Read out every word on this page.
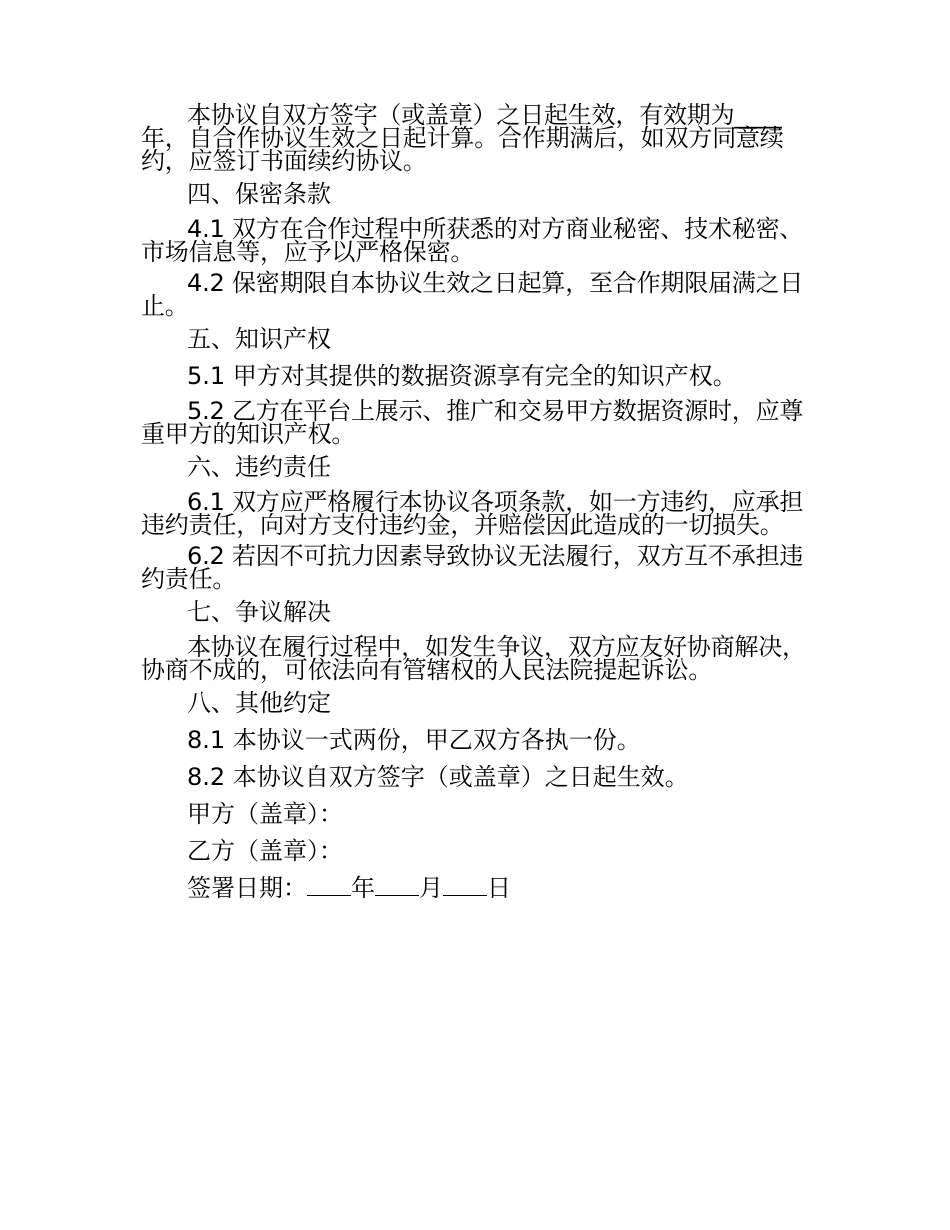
本协议自双方签字（或盖章）之日起生效，有效期为____年，自合作协议生效之日起计算。合作期满后，如双方同意续约，应签订书面续约协议。

四、保密条款

4.1 双方在合作过程中所获悉的对方商业秘密、技术秘密、市场信息等，应予以严格保密。

4.2 保密期限自本协议生效之日起算，至合作期限届满之日止。

五、知识产权

5.1 甲方对其提供的数据资源享有完全的知识产权。

5.2 乙方在平台上展示、推广和交易甲方数据资源时，应尊重甲方的知识产权。

六、违约责任

6.1 双方应严格履行本协议各项条款，如一方违约，应承担违约责任，向对方支付违约金，并赔偿因此造成的一切损失。

6.2 若因不可抗力因素导致协议无法履行，双方互不承担违约责任。

七、争议解决

本协议在履行过程中，如发生争议，双方应友好协商解决，协商不成的，可依法向有管辖权的人民法院提起诉讼。

八、其他约定

8.1 本协议一式两份，甲乙双方各执一份。

8.2 本协议自双方签字（或盖章）之日起生效。

甲方（盖章）：

乙方（盖章）：

签署日期： 年 月 日
